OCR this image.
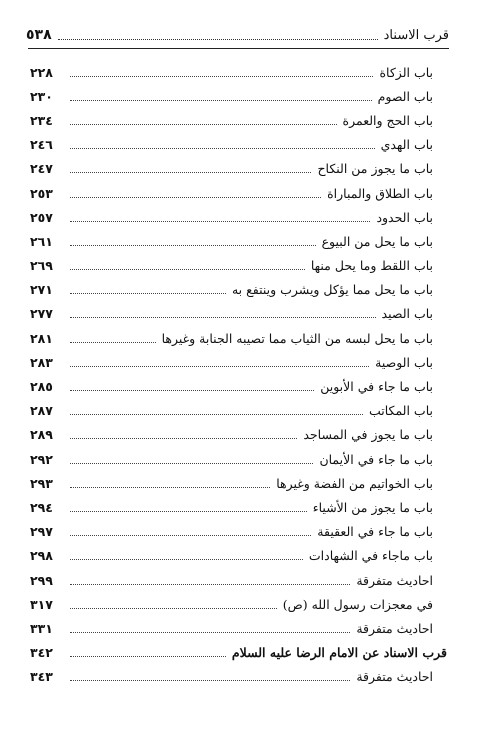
قرب الاسناد
٥٣٨
باب الزكاة
٢٢٨
باب الصوم
٢٣٠
باب الحج والعمرة
٢٣٤
باب الهدي
٢٤٦
باب ما يجوز من النكاح
٢٤٧
باب الطلاق والمباراة
٢٥٣
باب الحدود
٢٥٧
باب ما يحل من البيوع
٢٦١
باب اللقط وما يحل منها
٢٦٩
باب ما يحل مما يؤكل ويشرب وينتفع به
٢٧١
باب الصيد
٢٧٧
باب ما يحل لبسه من الثياب مما تصيبه الجنابة وغيرها
٢٨١
باب الوصية
٢٨٣
باب ما جاء في الأبوين
٢٨٥
باب المكاتب
٢٨٧
باب ما يجوز في المساجد
٢٨٩
باب ما جاء في الأيمان
٢٩٢
باب الخواتيم من الفضة وغيرها
٢٩٣
باب ما يجوز من الأشياء
٢٩٤
باب ما جاء في العقيقة
٢٩٧
باب ماجاء في الشهادات
٢٩٨
احاديث متفرقة
٢٩٩
في معجزات رسول الله (ص)
٣١٧
احاديث متفرقة
٣٣١
قرب الاسناد عن الامام الرضا عليه السلام
٣٤٢
احاديث متفرقة
٣٤٣
